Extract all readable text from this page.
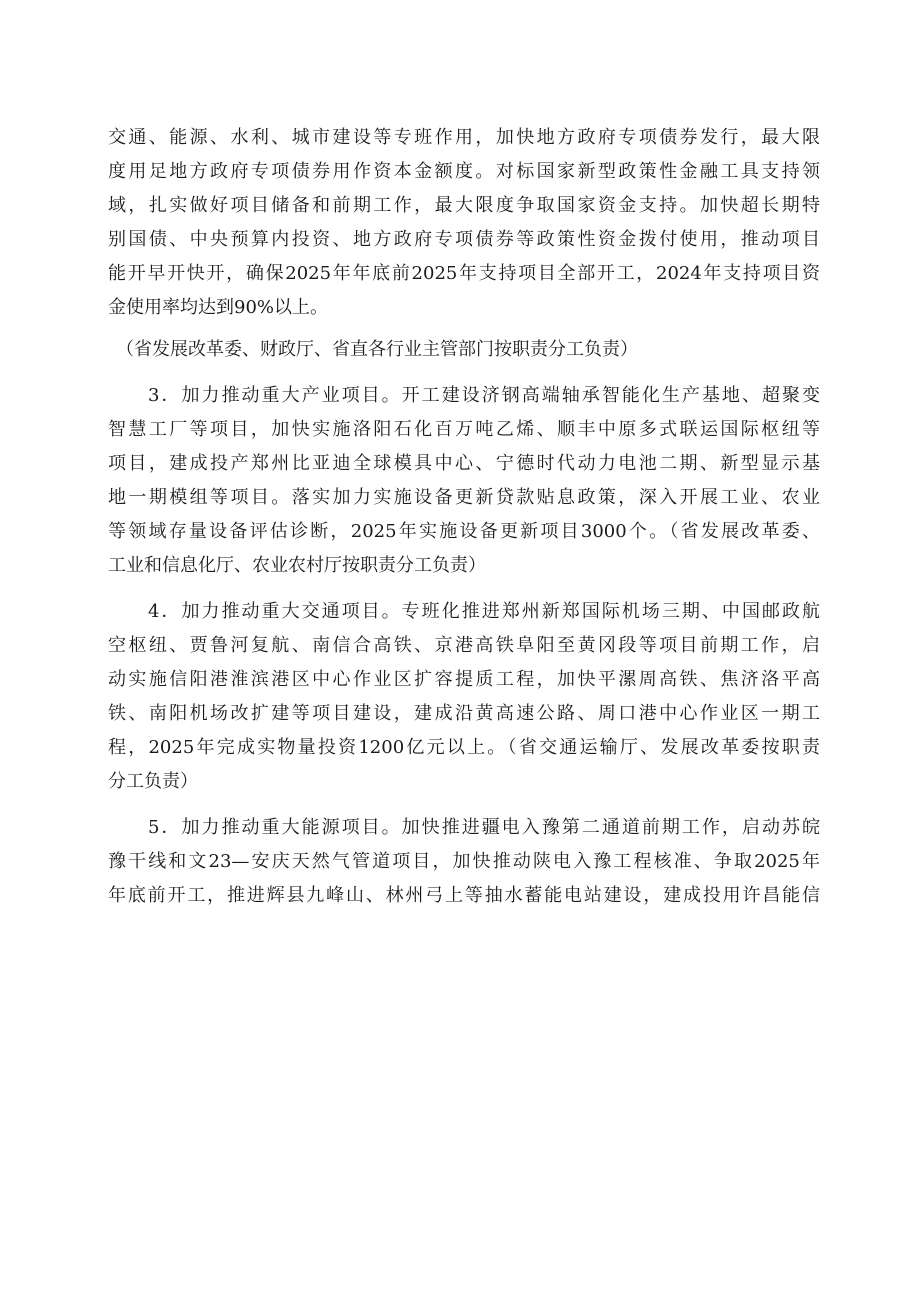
交通、能源、水利、城市建设等专班作用，加快地方政府专项债券发行，最大限
度用足地方政府专项债券用作资本金额度。对标国家新型政策性金融工具支持领
域，扎实做好项目储备和前期工作，最大限度争取国家资金支持。加快超长期特
别国债、中央预算内投资、地方政府专项债券等政策性资金拨付使用，推动项目
能开早开快开，确保2025年年底前2025年支持项目全部开工，2024年支持项目资
金使用率均达到90%以上。
（省发展改革委、财政厅、省直各行业主管部门按职责分工负责）
3．加力推动重大产业项目。开工建设济钢高端轴承智能化生产基地、超聚变
智慧工厂等项目，加快实施洛阳石化百万吨乙烯、顺丰中原多式联运国际枢纽等
项目，建成投产郑州比亚迪全球模具中心、宁德时代动力电池二期、新型显示基
地一期模组等项目。落实加力实施设备更新贷款贴息政策，深入开展工业、农业
等领域存量设备评估诊断，2025年实施设备更新项目3000个。（省发展改革委、
工业和信息化厅、农业农村厅按职责分工负责）
4．加力推动重大交通项目。专班化推进郑州新郑国际机场三期、中国邮政航
空枢纽、贾鲁河复航、南信合高铁、京港高铁阜阳至黄冈段等项目前期工作，启
动实施信阳港淮滨港区中心作业区扩容提质工程，加快平漯周高铁、焦济洛平高
铁、南阳机场改扩建等项目建设，建成沿黄高速公路、周口港中心作业区一期工
程，2025年完成实物量投资1200亿元以上。（省交通运输厅、发展改革委按职责
分工负责）
5．加力推动重大能源项目。加快推进疆电入豫第二通道前期工作，启动苏皖
豫干线和文23—安庆天然气管道项目，加快推动陕电入豫工程核准、争取2025年
年底前开工，推进辉县九峰山、林州弓上等抽水蓄能电站建设，建成投用许昌能信
